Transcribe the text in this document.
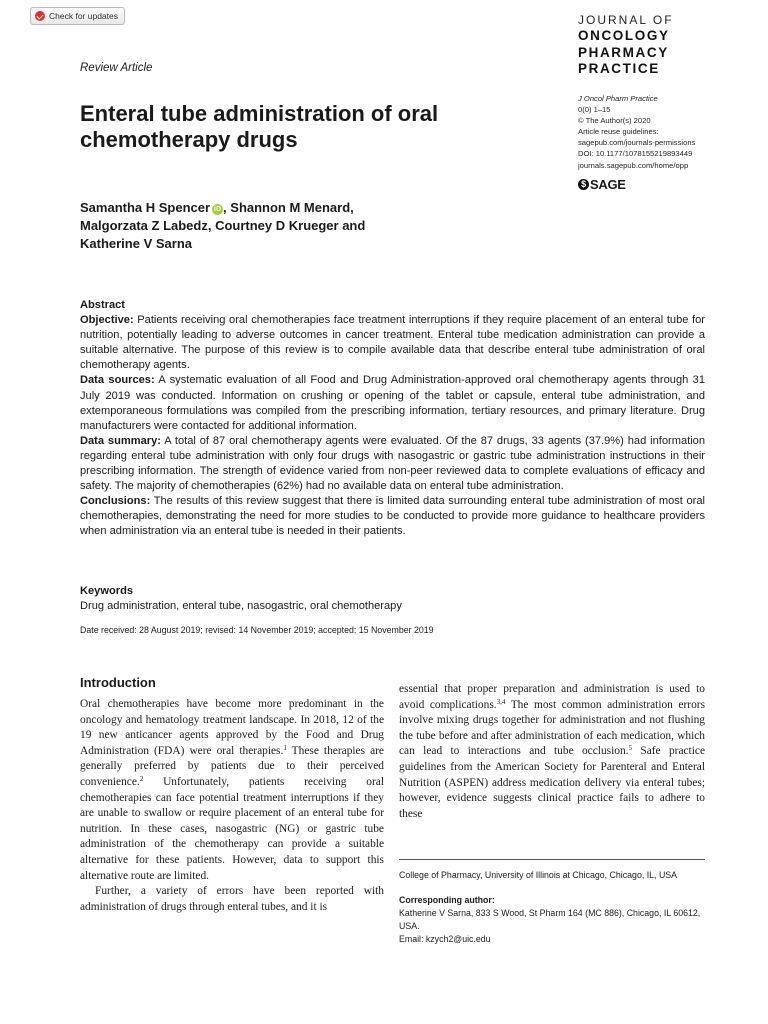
Check for updates	JOURNAL OF
ONCOLOGY
PHARMACY
PRACTICE
Review Article
Enteral tube administration of oral
chemotherapy drugs
J Oncol Pharm Practice
0(0) 1–15
© The Author(s) 2020
Article reuse guidelines:
sagepub.com/journals-permissions
DOI: 10.1177/1078155219893449
journals.sagepub.com/home/opp
$ SAGE
Samantha H Spencer iD , Shannon M Menard,
Malgorzata Z Labedz, Courtney D Krueger and
Katherine V Sarna

Abstract

Objective: Patients receiving oral chemotherapies face treatment interruptions if they require placement of an enteral tube for nutrition, potentially leading to adverse outcomes in cancer treatment. Enteral tube medication administration can provide a suitable alternative. The purpose of this review is to compile available data that describe enteral tube administration of oral chemotherapy agents.

Data sources: A systematic evaluation of all Food and Drug Administration-approved oral chemotherapy agents through 31 July 2019 was conducted. Information on crushing or opening of the tablet or capsule, enteral tube administration, and extemporaneous formulations was compiled from the prescribing information, tertiary resources, and primary literature. Drug manufacturers were contacted for additional information.

Data summary: A total of 87 oral chemotherapy agents were evaluated. Of the 87 drugs, 33 agents (37.9%) had information regarding enteral tube administration with only four drugs with nasogastric or gastric tube administration instructions in their prescribing information. The strength of evidence varied from non-peer reviewed data to complete evaluations of efficacy and safety. The majority of chemotherapies (62%) had no available data on enteral tube administration.

Conclusions: The results of this review suggest that there is limited data surrounding enteral tube administration of most oral chemotherapies, demonstrating the need for more studies to be conducted to provide more guidance to healthcare providers when administration via an enteral tube is needed in their patients.

Keywords
Drug administration, enteral tube, nasogastric, oral chemotherapy
Date received: 28 August 2019; revised: 14 November 2019; accepted: 15 November 2019
Introduction

Oral chemotherapies have become more predominant in the oncology and hematology treatment landscape. In 2018, 12 of the 19 new anticancer agents approved by the Food and Drug Administration (FDA) were oral therapies.$^1$ These therapies are generally preferred by patients due to their perceived convenience.$^2$ Unfortunately, patients receiving oral chemotherapies can face potential treatment interruptions if they are unable to swallow or require placement of an enteral tube for nutrition. In these cases, nasogastric (NG) or gastric tube administration of the chemotherapy can provide a suitable alternative for these patients. However, data to support this alternative route are limited.

Further, a variety of errors have been reported with administration of drugs through enteral tubes, and it is

essential that proper preparation and administration is used to avoid complications.$^{3,4}$ The most common administration errors involve mixing drugs together for administration and not flushing the tube before and after administration of each medication, which can lead to interactions and tube occlusion.$^5$ Safe practice guidelines from the American Society for Parenteral and Enteral Nutrition (ASPEN) address medication delivery via enteral tubes; however, evidence suggests clinical practice fails to adhere to these

College of Pharmacy, University of Illinois at Chicago, Chicago, IL, USA
Corresponding author:
Katherine V Sarna, 833 S Wood, St Pharm 164 (MC 886), Chicago, IL 60612, USA.
Email: kzych2@uic.edu
